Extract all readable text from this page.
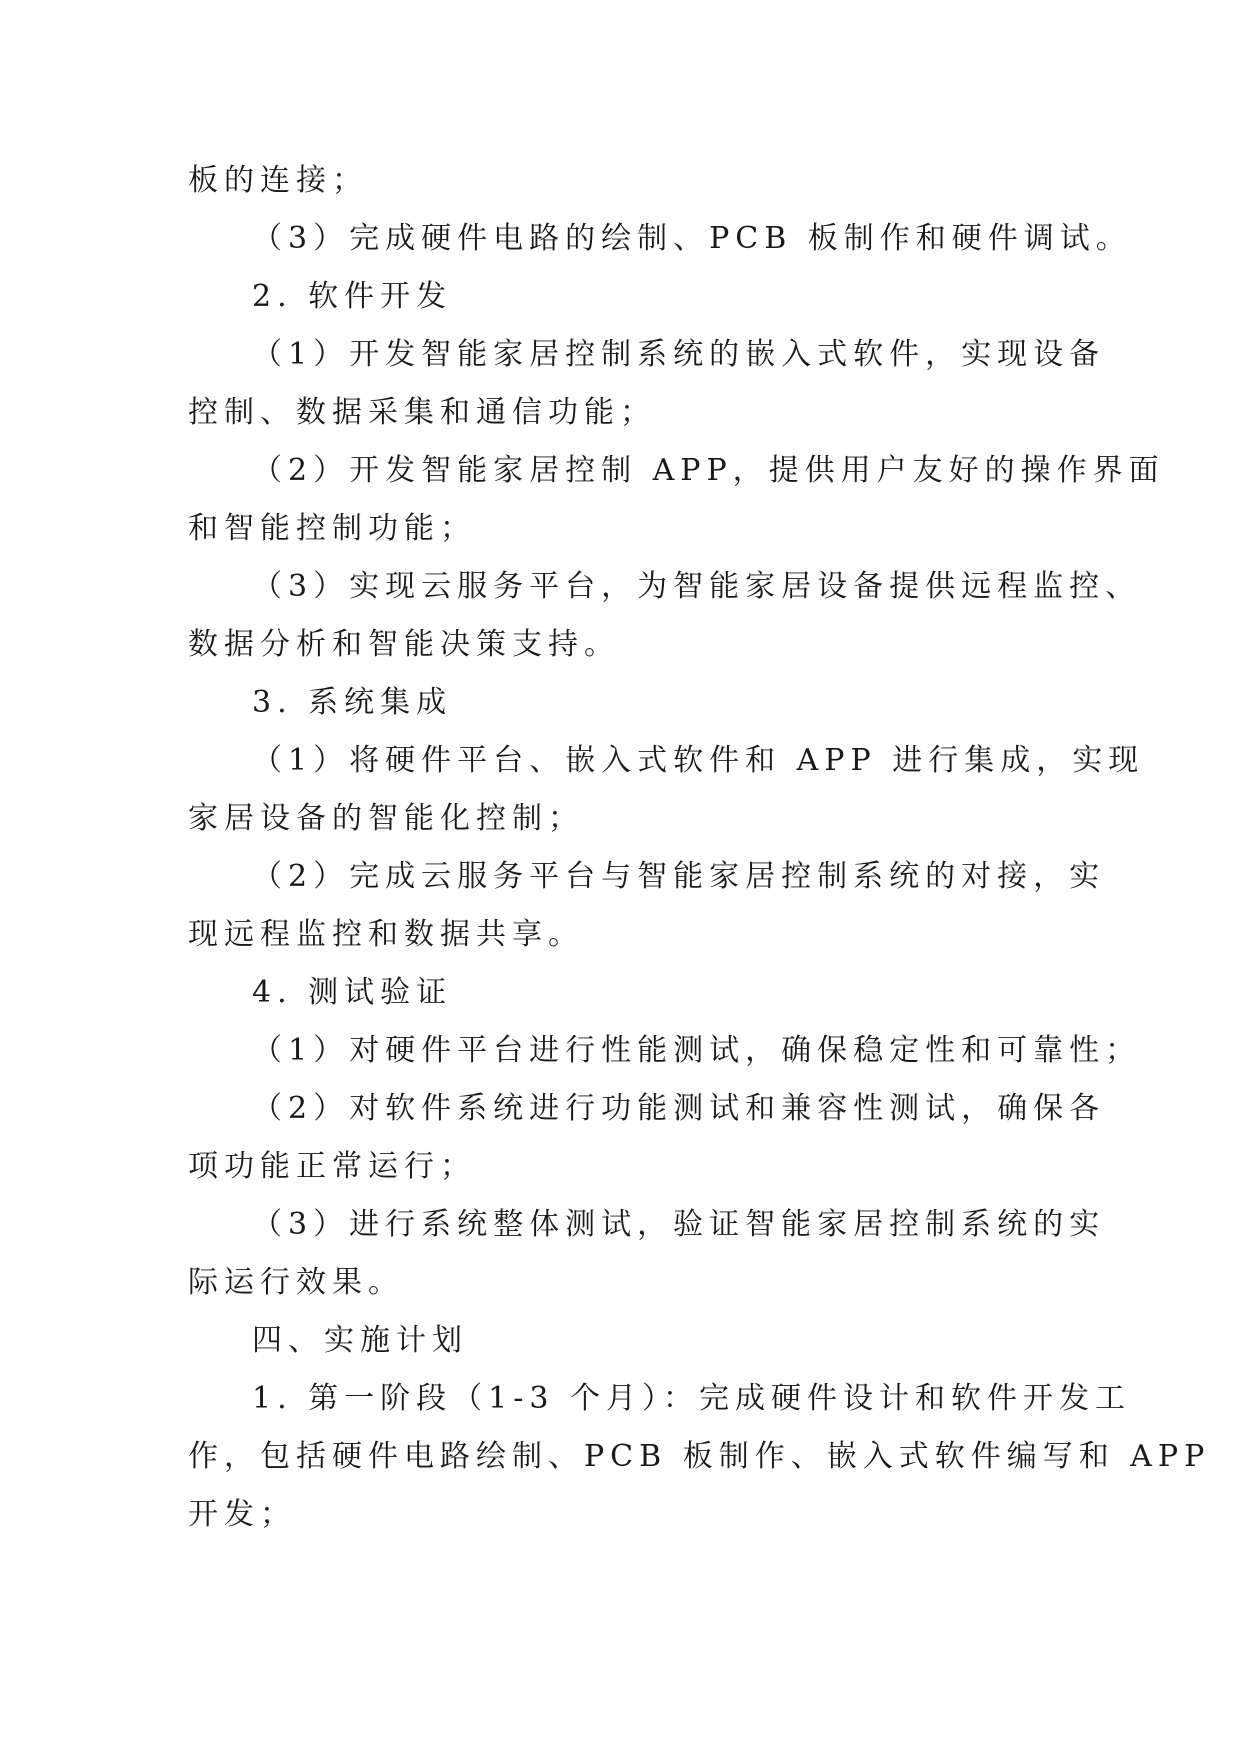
板的连接；
（3）完成硬件电路的绘制、PCB 板制作和硬件调试。
2. 软件开发
（1）开发智能家居控制系统的嵌入式软件，实现设备
控制、数据采集和通信功能；
（2）开发智能家居控制 APP，提供用户友好的操作界面
和智能控制功能；
（3）实现云服务平台，为智能家居设备提供远程监控、
数据分析和智能决策支持。
3. 系统集成
（1）将硬件平台、嵌入式软件和 APP 进行集成，实现
家居设备的智能化控制；
（2）完成云服务平台与智能家居控制系统的对接，实
现远程监控和数据共享。
4. 测试验证
（1）对硬件平台进行性能测试，确保稳定性和可靠性；
（2）对软件系统进行功能测试和兼容性测试，确保各
项功能正常运行；
（3）进行系统整体测试，验证智能家居控制系统的实
际运行效果。
四、实施计划
1. 第一阶段（1-3 个月）：完成硬件设计和软件开发工
作，包括硬件电路绘制、PCB 板制作、嵌入式软件编写和 APP
开发；
